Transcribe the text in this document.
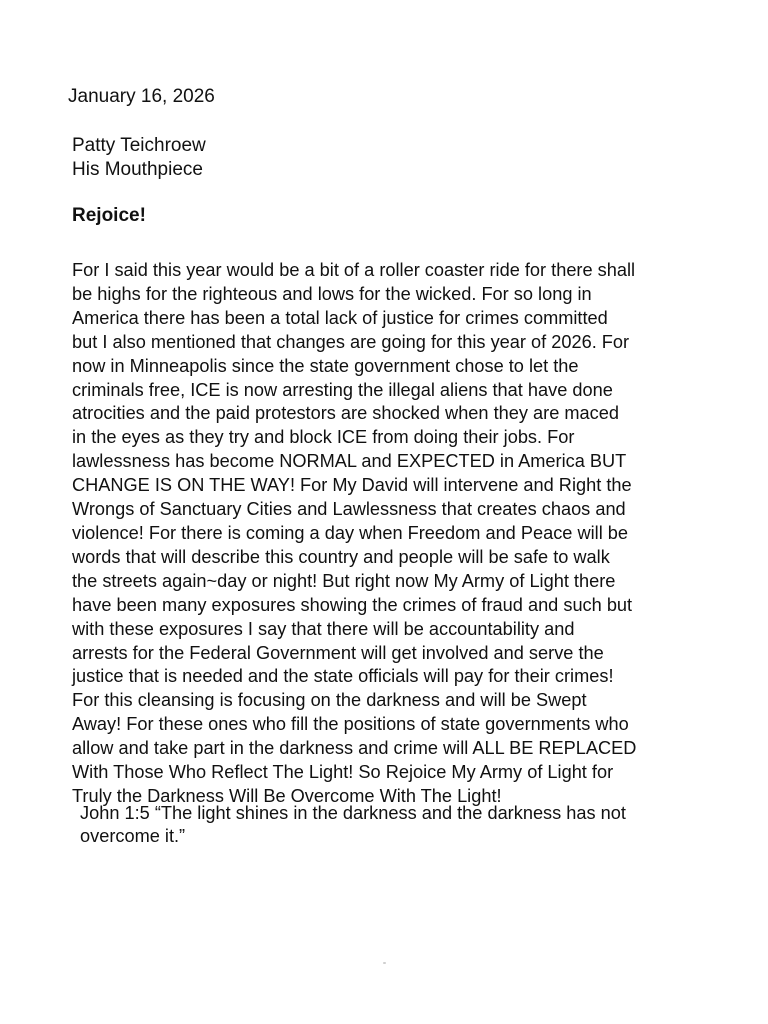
January 16, 2026

Patty Teichroew
His Mouthpiece

Rejoice!

For I said this year would be a bit of a roller coaster ride for there shall
be highs for the righteous and lows for the wicked. For so long in
America there has been a total lack of justice for crimes committed
but I also mentioned that changes are going for this year of 2026. For
now in Minneapolis since the state government chose to let the
criminals free, ICE is now arresting the illegal aliens that have done
atrocities and the paid protestors are shocked when they are maced
in the eyes as they try and block ICE from doing their jobs. For
lawlessness has become NORMAL and EXPECTED in America BUT
CHANGE IS ON THE WAY! For My David will intervene and Right the
Wrongs of Sanctuary Cities and Lawlessness that creates chaos and
violence! For there is coming a day when Freedom and Peace will be
words that will describe this country and people will be safe to walk
the streets again~day or night! But right now My Army of Light there
have been many exposures showing the crimes of fraud and such but
with these exposures I say that there will be accountability and
arrests for the Federal Government will get involved and serve the
justice that is needed and the state officials will pay for their crimes!
For this cleansing is focusing on the darkness and will be Swept
Away! For these ones who fill the positions of state governments who
allow and take part in the darkness and crime will ALL BE REPLACED
With Those Who Reflect The Light! So Rejoice My Army of Light for
Truly the Darkness Will Be Overcome With The Light!
John 1:5 “The light shines in the darkness and the darkness has not
overcome it.”
